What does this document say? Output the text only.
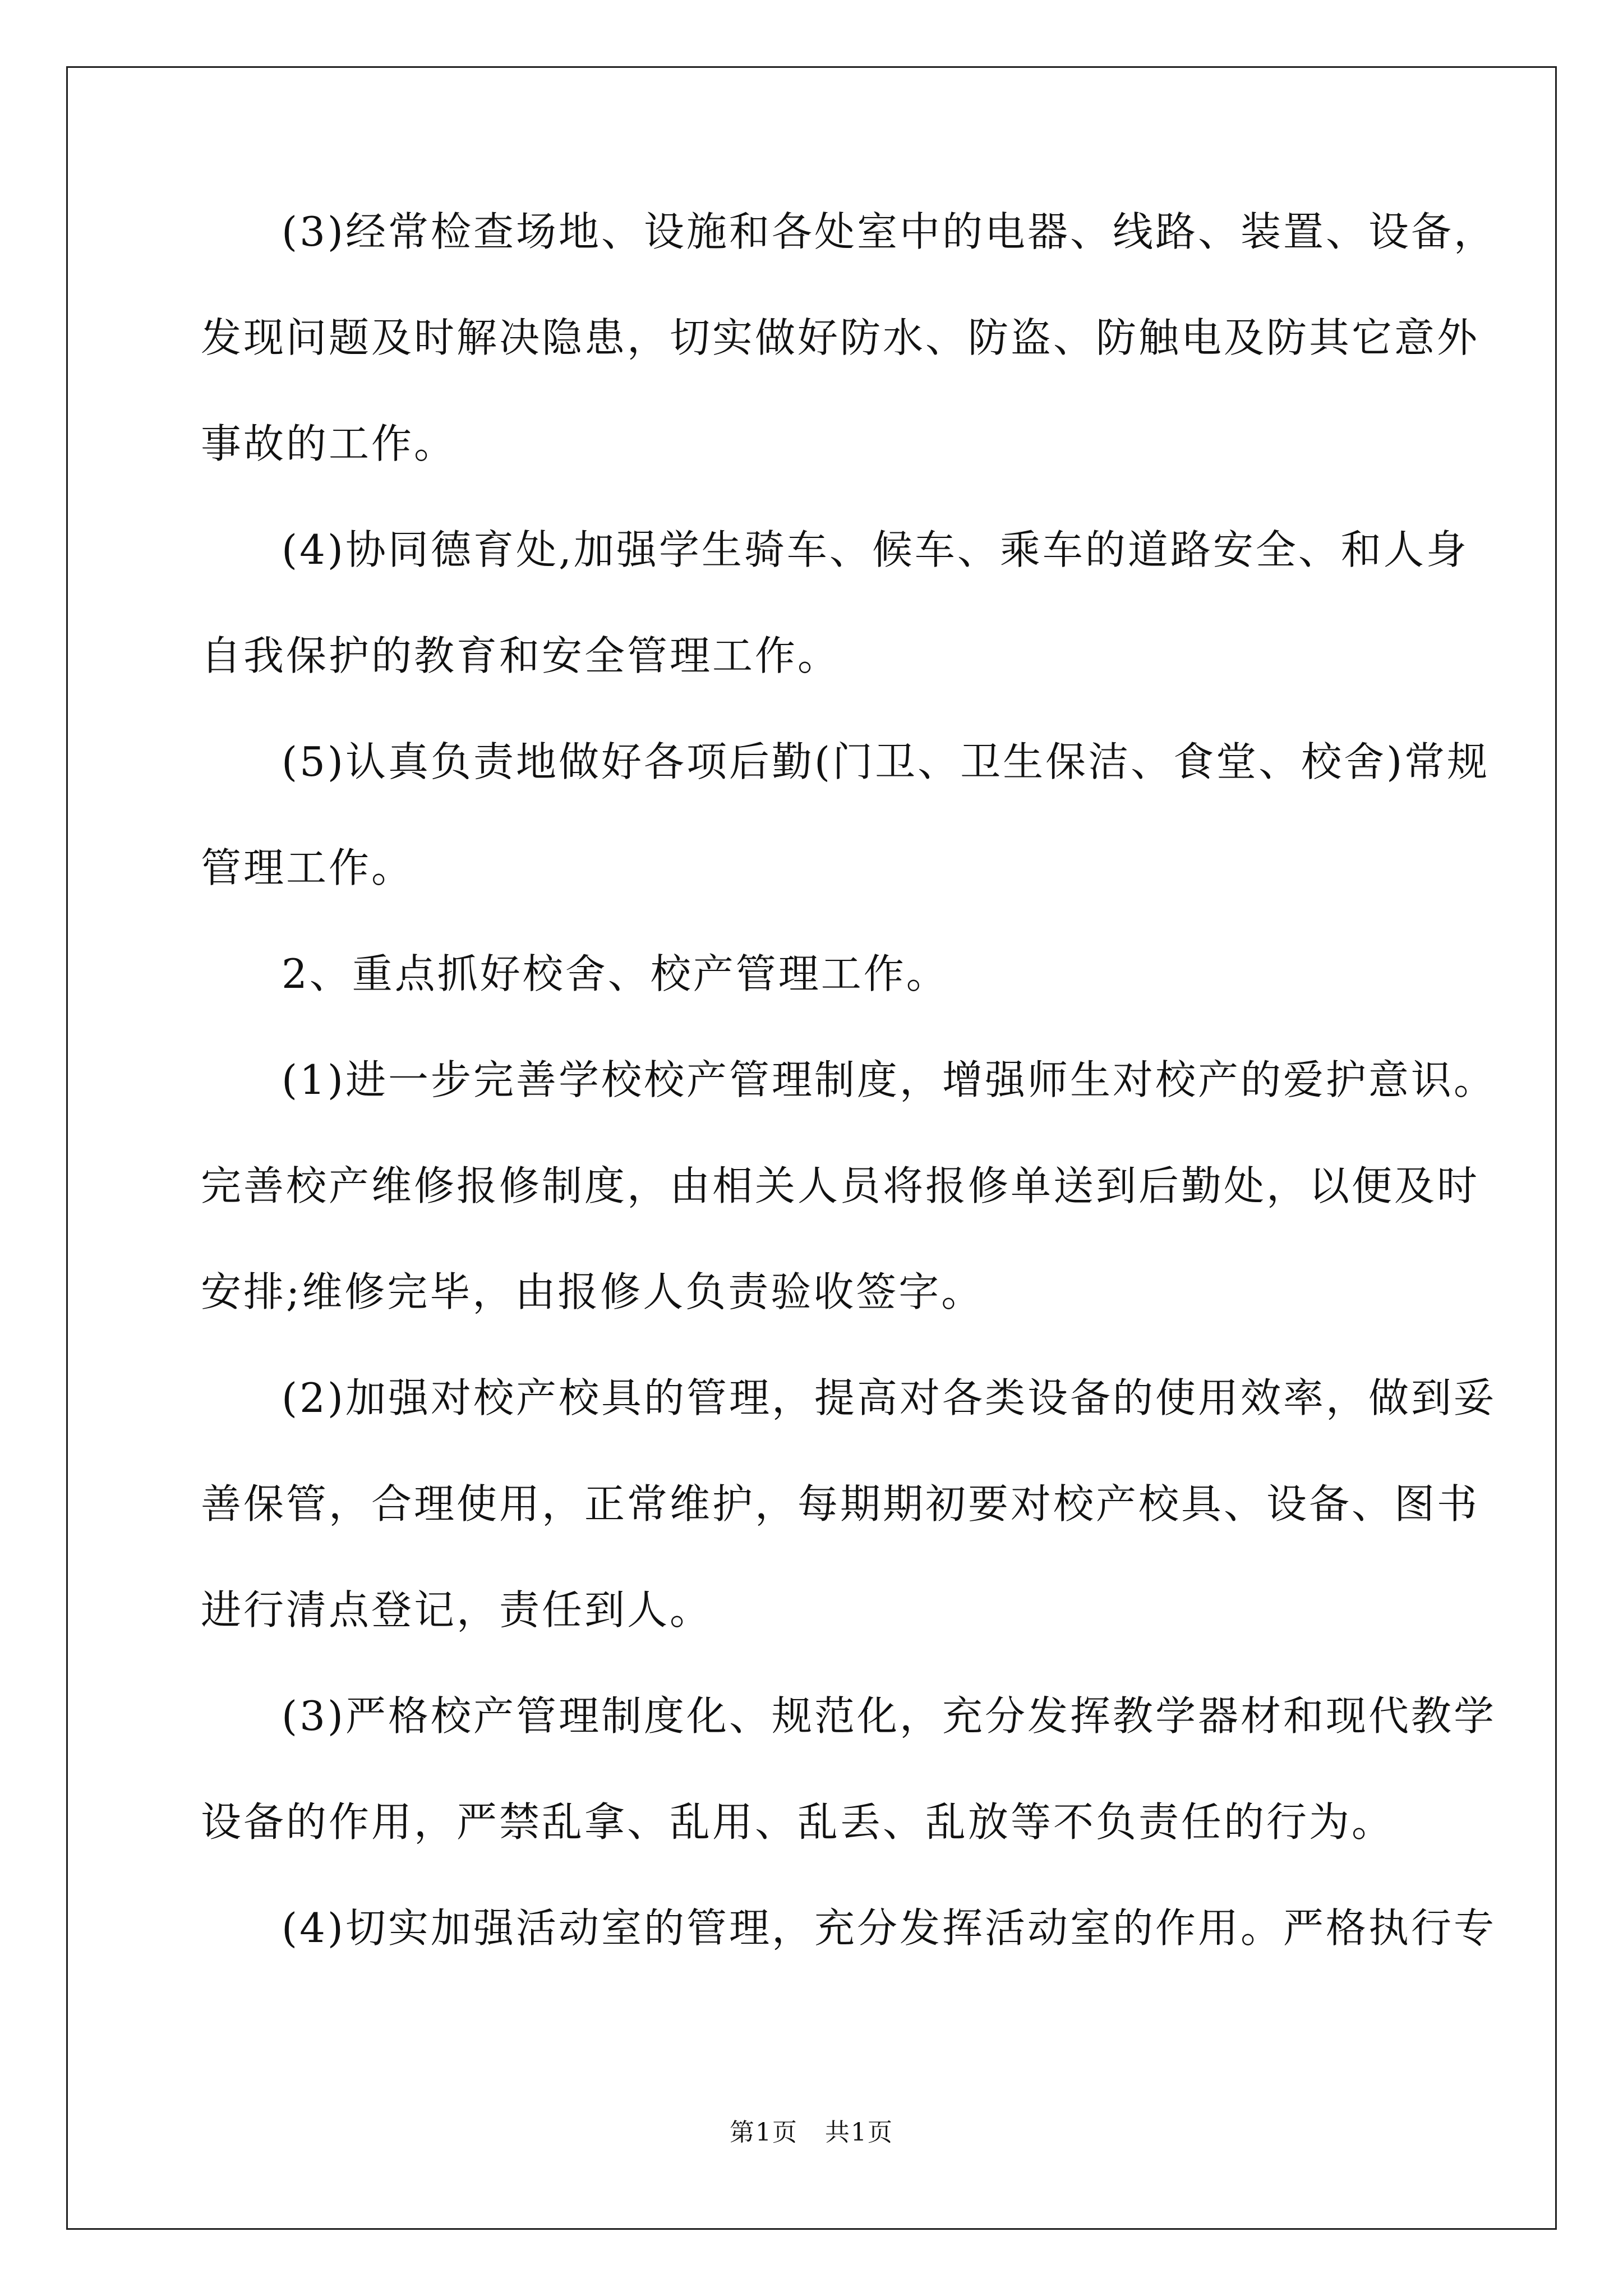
(3)经常检查场地、设施和各处室中的电器、线路、装置、设备，
发现问题及时解决隐患，切实做好防水、防盗、防触电及防其它意外
事故的工作。
(4)协同德育处,加强学生骑车、候车、乘车的道路安全、和人身
自我保护的教育和安全管理工作。
(5)认真负责地做好各项后勤(门卫、卫生保洁、食堂、校舍)常规
管理工作。
2、重点抓好校舍、校产管理工作。
(1)进一步完善学校校产管理制度，增强师生对校产的爱护意识。
完善校产维修报修制度，由相关人员将报修单送到后勤处，以便及时
安排;维修完毕，由报修人负责验收签字。
(2)加强对校产校具的管理，提高对各类设备的使用效率，做到妥
善保管，合理使用，正常维护，每期期初要对校产校具、设备、图书
进行清点登记，责任到人。
(3)严格校产管理制度化、规范化，充分发挥教学器材和现代教学
设备的作用，严禁乱拿、乱用、乱丢、乱放等不负责任的行为。
(4)切实加强活动室的管理，充分发挥活动室的作用。严格执行专
第1页 共1页
